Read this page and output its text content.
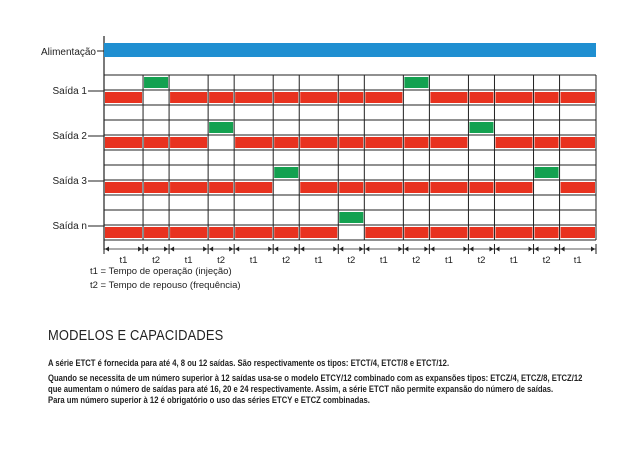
Alimentação
Saída 1
Saída 2
Saída 3
Saída n
t1	t2	t1	t2	t1	t2	t1	t2	t1	t2	t1	t2	t1	t2 t1
t1 = Tempo de operação (injeção)
t2 = Tempo de repouso (frequência)
MODELOS E CAPACIDADES
A série ETCT é fornecida para até 4, 8 ou 12 saídas. São respectivamente os tipos: ETCT/4, ETCT/8 e ETCT/12.
Quando se necessita de um número superior à 12 saídas usa-se o modelo ETCY/12 combinado com as expansões tipos: ETCZ/4, ETCZ/8, ETCZ/12
que aumentam o número de saídas para até 16, 20 e 24 respectivamente. Assim, a série ETCT não permite expansão do número de saídas.
Para um número superior à 12 é obrigatório o uso das séries ETCY e ETCZ combinadas.
